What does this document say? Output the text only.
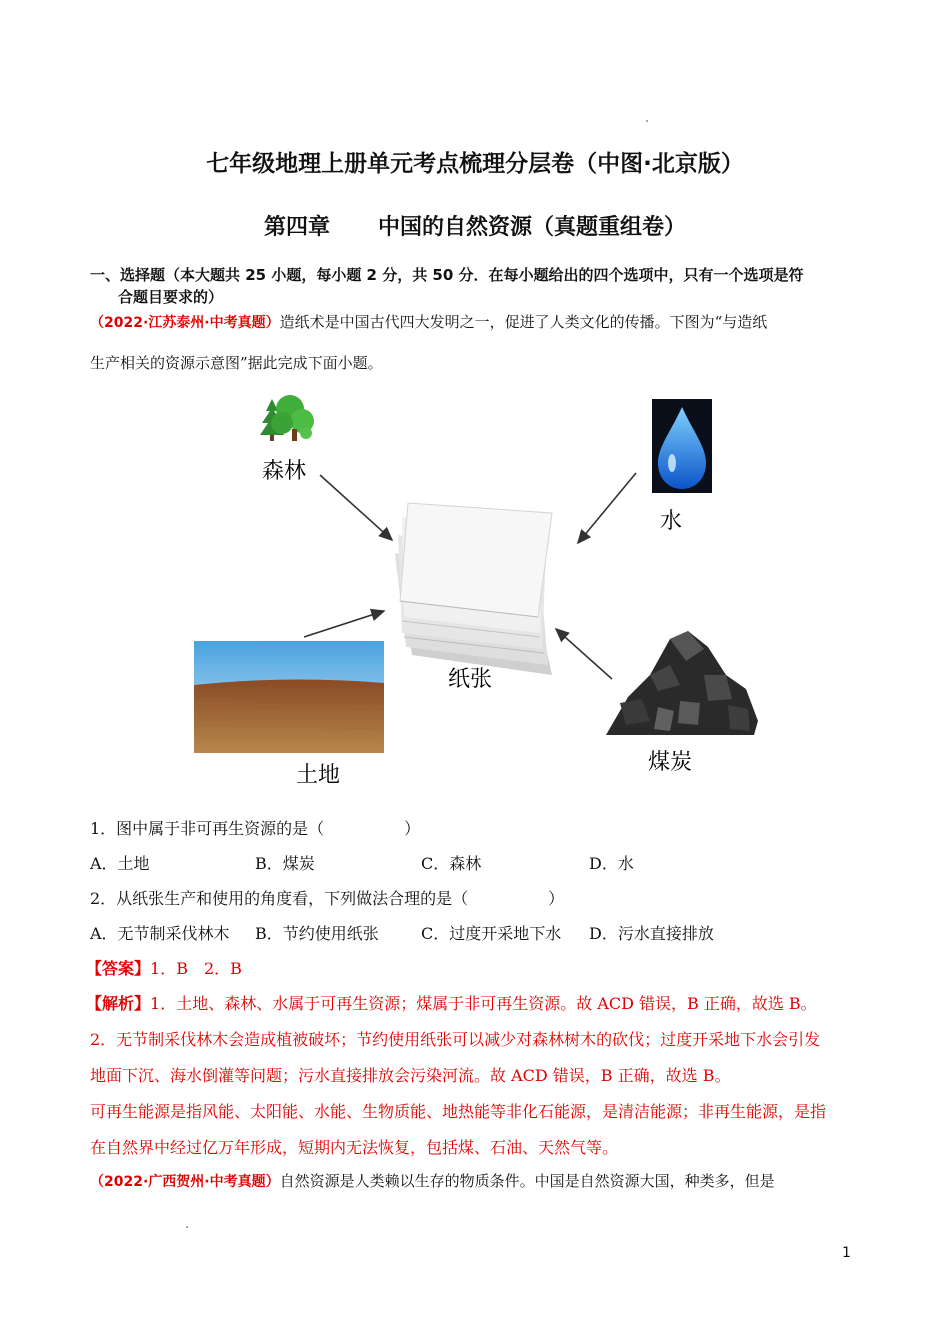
七年级地理上册单元考点梳理分层卷（中图·北京版）
第四章 中国的自然资源（真题重组卷）
一、选择题（本大题共 25 小题，每小题 2 分，共 50 分．在每小题给出的四个选项中，只有一个选项是符
合题目要求的）
（2022·江苏泰州·中考真题）造纸术是中国古代四大发明之一，促进了人类文化的传播。下图为“与造纸
生产相关的资源示意图”据此完成下面小题。
森林
水
纸张
土地
煤炭
1．图中属于非可再生资源的是（　　　　　）
A．土地	B．煤炭	C．森林	D．水
2．从纸张生产和使用的角度看，下列做法合理的是（　　　　　）
A．无节制采伐林木 B．节约使用纸张	C．过度开采地下水 D．污水直接排放
【答案】1．B　2．B
【解析】1．土地、森林、水属于可再生资源；煤属于非可再生资源。故 ACD 错误，B 正确，故选 B。
2．无节制采伐林木会造成植被破坏；节约使用纸张可以减少对森林树木的砍伐；过度开采地下水会引发
地面下沉、海水倒灌等问题；污水直接排放会污染河流。故 ACD 错误，B 正确，故选 B。
可再生能源是指风能、太阳能、水能、生物质能、地热能等非化石能源，是清洁能源；非再生能源，是指
在自然界中经过亿万年形成，短期内无法恢复，包括煤、石油、天然气等。
（2022·广西贺州·中考真题）自然资源是人类赖以生存的物质条件。中国是自然资源大国，种类多，但是
1
